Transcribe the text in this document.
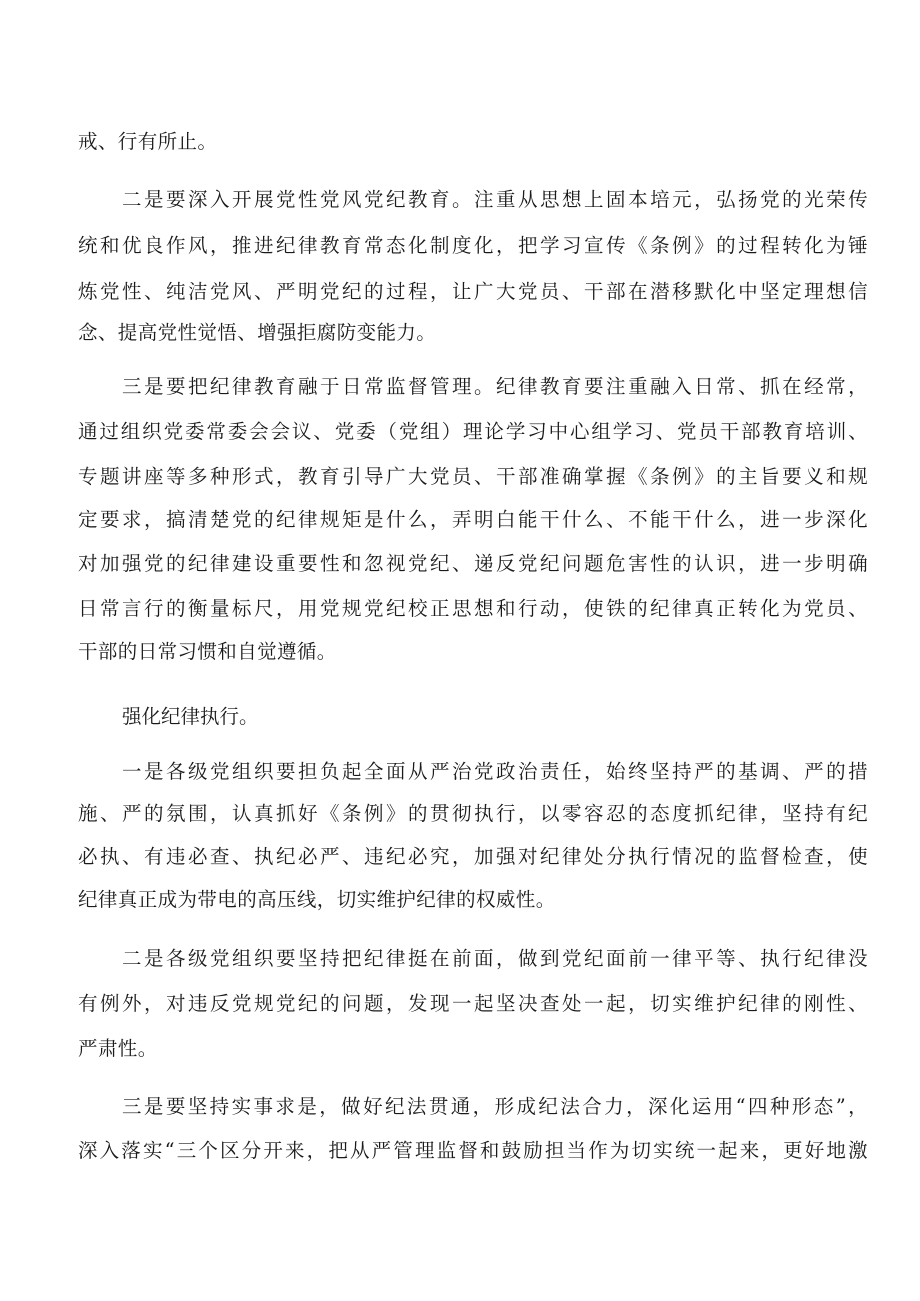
戒、行有所止。
二是要深入开展党性党风党纪教育。注重从思想上固本培元，弘扬党的光荣传
统和优良作风，推进纪律教育常态化制度化，把学习宣传《条例》的过程转化为锤
炼党性、纯洁党风、严明党纪的过程，让广大党员、干部在潜移默化中坚定理想信
念、提高党性觉悟、增强拒腐防变能力。
三是要把纪律教育融于日常监督管理。纪律教育要注重融入日常、抓在经常，
通过组织党委常委会会议、党委（党组）理论学习中心组学习、党员干部教育培训、
专题讲座等多种形式，教育引导广大党员、干部准确掌握《条例》的主旨要义和规
定要求，搞清楚党的纪律规矩是什么，弄明白能干什么、不能干什么，进一步深化
对加强党的纪律建设重要性和忽视党纪、递反党纪问题危害性的认识，进一步明确
日常言行的衡量标尺，用党规党纪校正思想和行动，使铁的纪律真正转化为党员、
干部的日常习惯和自觉遵循。
强化纪律执行。
一是各级党组织要担负起全面从严治党政治责任，始终坚持严的基调、严的措
施、严的氛围，认真抓好《条例》的贯彻执行，以零容忍的态度抓纪律，坚持有纪
必执、有违必查、执纪必严、违纪必究，加强对纪律处分执行情况的监督检查，使
纪律真正成为带电的高压线，切实维护纪律的权威性。
二是各级党组织要坚持把纪律挺在前面，做到党纪面前一律平等、执行纪律没
有例外，对违反党规党纪的问题，发现一起坚决查处一起，切实维护纪律的刚性、
严肃性。
三是要坚持实事求是，做好纪法贯通，形成纪法合力，深化运用“四种形态”，
深入落实“三个区分开来，把从严管理监督和鼓励担当作为切实统一起来，更好地激
